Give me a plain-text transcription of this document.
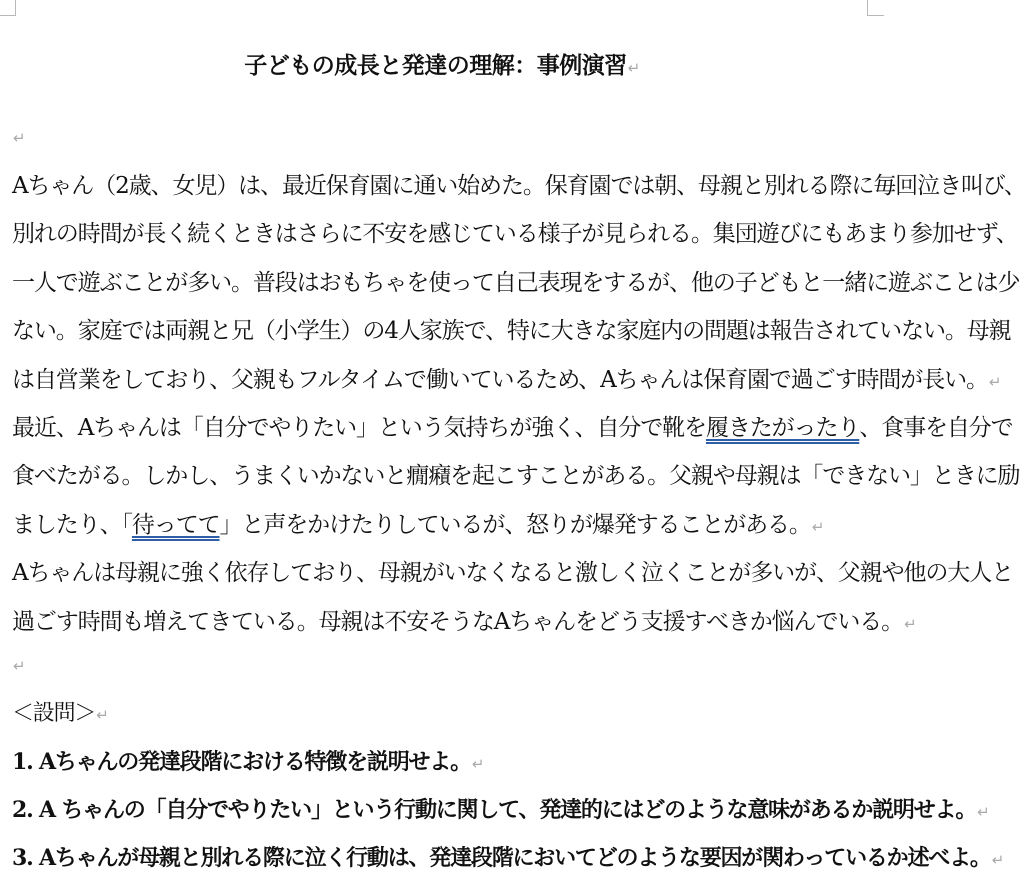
子どもの成長と発達の理解：事例演習↵
↵
Aちゃん（2歳、女児）は、最近保育園に通い始めた。保育園では朝、母親と別れる際に毎回泣き叫び、
別れの時間が長く続くときはさらに不安を感じている様子が見られる。集団遊びにもあまり参加せず、
一人で遊ぶことが多い。普段はおもちゃを使って自己表現をするが、他の子どもと一緒に遊ぶことは少
ない。家庭では両親と兄（小学生）の4人家族で、特に大きな家庭内の問題は報告されていない。母親
は自営業をしており、父親もフルタイムで働いているため、Aちゃんは保育園で過ごす時間が長い。↵
最近、Aちゃんは「自分でやりたい」という気持ちが強く、自分で靴を履きたがったり、食事を自分で
食べたがる。しかし、うまくいかないと癇癪を起こすことがある。父親や母親は「できない」ときに励
ましたり、「待ってて」と声をかけたりしているが、怒りが爆発することがある。↵
Aちゃんは母親に強く依存しており、母親がいなくなると激しく泣くことが多いが、父親や他の大人と
過ごす時間も増えてきている。母親は不安そうなAちゃんをどう支援すべきか悩んでいる。↵
↵
＜設問＞↵
1. Aちゃんの発達段階における特徴を説明せよ。↵
2. A ちゃんの「自分でやりたい」という行動に関して、発達的にはどのような意味があるか説明せよ。↵
3. Aちゃんが母親と別れる際に泣く行動は、発達段階においてどのような要因が関わっているか述べよ。↵
